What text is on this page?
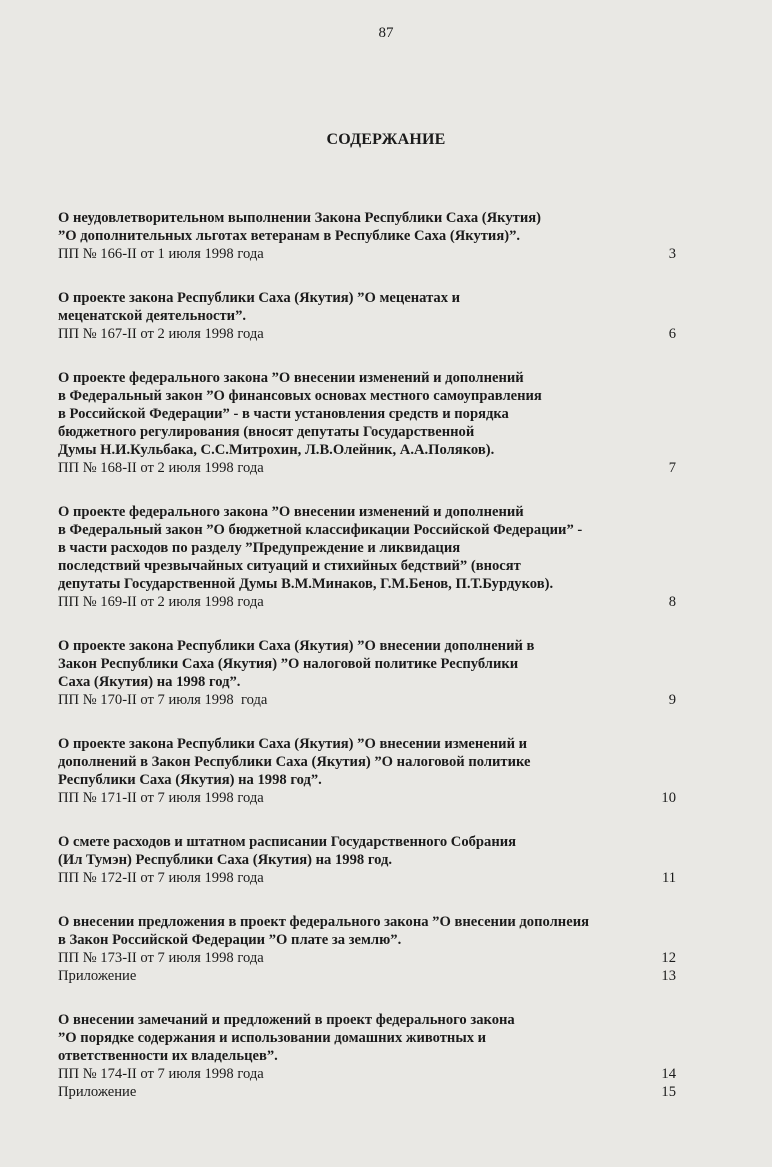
87
СОДЕРЖАНИЕ
О неудовлетворительном выполнении Закона Республики Саха (Якутия)
”О дополнительных льготах ветеранам в Республике Саха (Якутия)”.
ПП № 166-II от 1 июля 1998 года	3
О проекте закона Республики Саха (Якутия) ”О меценатах и
меценатской деятельности”.
ПП № 167-II от 2 июля 1998 года	6
О проекте федерального закона ”О внесении изменений и дополнений
в Федеральный закон ”О финансовых основах местного самоуправления
в Российской Федерации” - в части установления средств и порядка
бюджетного регулирования (вносят депутаты Государственной
Думы Н.И.Кульбака, С.С.Митрохин, Л.В.Олейник, А.А.Поляков).
ПП № 168-II от 2 июля 1998 года	7
О проекте федерального закона ”О внесении изменений и дополнений
в Федеральный закон ”О бюджетной классификации Российской Федерации” -
в части расходов по разделу ”Предупреждение и ликвидация
последствий чрезвычайных ситуаций и стихийных бедствий” (вносят
депутаты Государственной Думы В.М.Минаков, Г.М.Бенов, П.Т.Бурдуков).
ПП № 169-II от 2 июля 1998 года	8
О проекте закона Республики Саха (Якутия) ”О внесении дополнений в
Закон Республики Саха (Якутия) ”О налоговой политике Республики
Саха (Якутия) на 1998 год”.
ПП № 170-II от 7 июля 1998  года	9
О проекте закона Республики Саха (Якутия) ”О внесении изменений и
дополнений в Закон Республики Саха (Якутия) ”О налоговой политике
Республики Саха (Якутия) на 1998 год”.
ПП № 171-II от 7 июля 1998 года	10
О смете расходов и штатном расписании Государственного Собрания
(Ил Тумэн) Республики Саха (Якутия) на 1998 год.
ПП № 172-II от 7 июля 1998 года	11
О внесении предложения в проект федерального закона ”О внесении дополнеия
в Закон Российской Федерации ”О плате за землю”.
ПП № 173-II от 7 июля 1998 года	12
Приложение	13
О внесении замечаний и предложений в проект федерального закона
”О порядке содержания и использовании домашних животных и
ответственности их владельцев”.
ПП № 174-II от 7 июля 1998 года	14
Приложение	15
